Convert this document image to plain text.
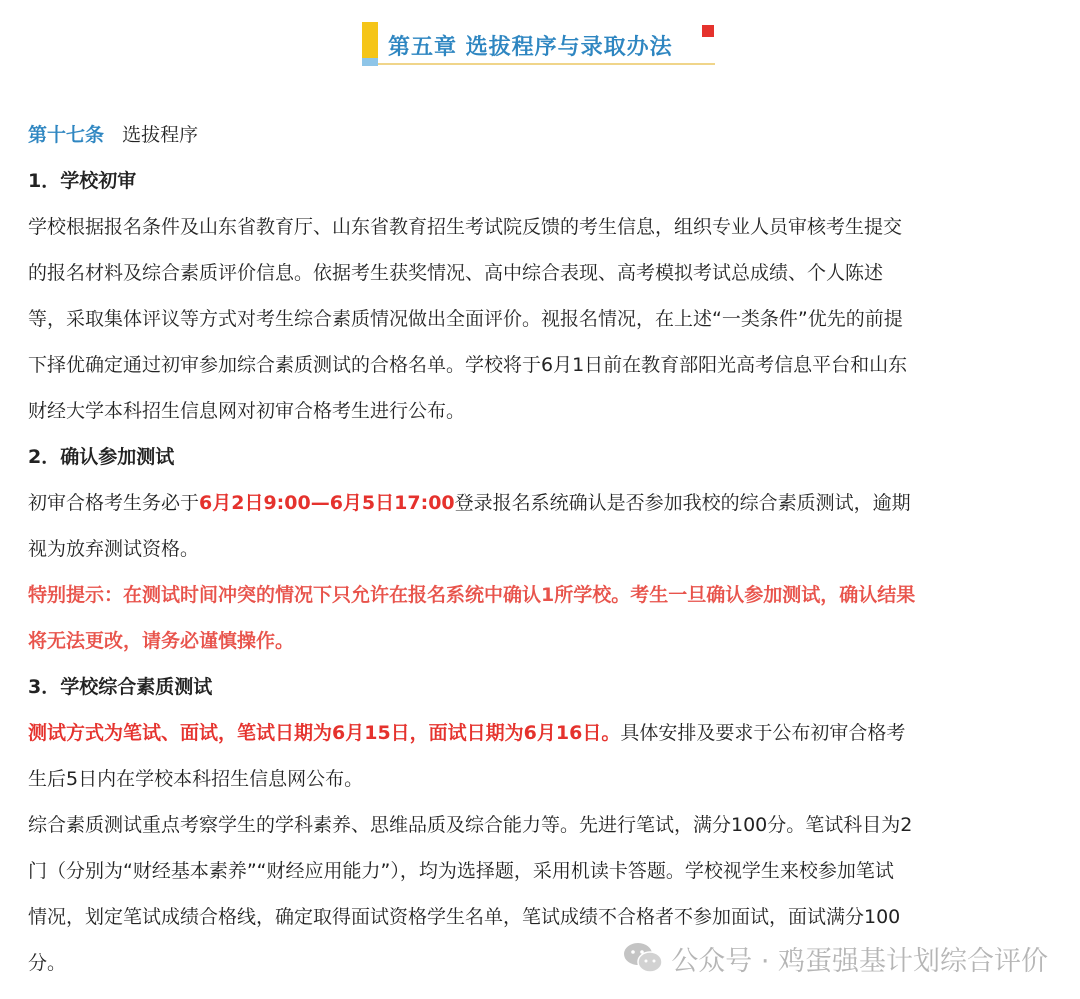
第五章 选拔程序与录取办法
第十七条 选拔程序
1．学校初审
学校根据报名条件及山东省教育厅、山东省教育招生考试院反馈的考生信息，组织专业人员审核考生提交
的报名材料及综合素质评价信息。依据考生获奖情况、高中综合表现、高考模拟考试总成绩、个人陈述
等，采取集体评议等方式对考生综合素质情况做出全面评价。视报名情况，在上述“一类条件”优先的前提
下择优确定通过初审参加综合素质测试的合格名单。学校将于6月1日前在教育部阳光高考信息平台和山东
财经大学本科招生信息网对初审合格考生进行公布。
2．确认参加测试
初审合格考生务必于6月2日9:00—6月5日17:00登录报名系统确认是否参加我校的综合素质测试，逾期
视为放弃测试资格。
特别提示：在测试时间冲突的情况下只允许在报名系统中确认1所学校。考生一旦确认参加测试，确认结果
将无法更改，请务必谨慎操作。
3．学校综合素质测试
测试方式为笔试、面试，笔试日期为6月15日，面试日期为6月16日。具体安排及要求于公布初审合格考
生后5日内在学校本科招生信息网公布。
综合素质测试重点考察学生的学科素养、思维品质及综合能力等。先进行笔试，满分100分。笔试科目为2
门（分别为“财经基本素养”“财经应用能力”），均为选择题，采用机读卡答题。学校视学生来校参加笔试
情况，划定笔试成绩合格线，确定取得面试资格学生名单，笔试成绩不合格者不参加面试，面试满分100
分。	公众号 · 鸡蛋强基计划综合评价
